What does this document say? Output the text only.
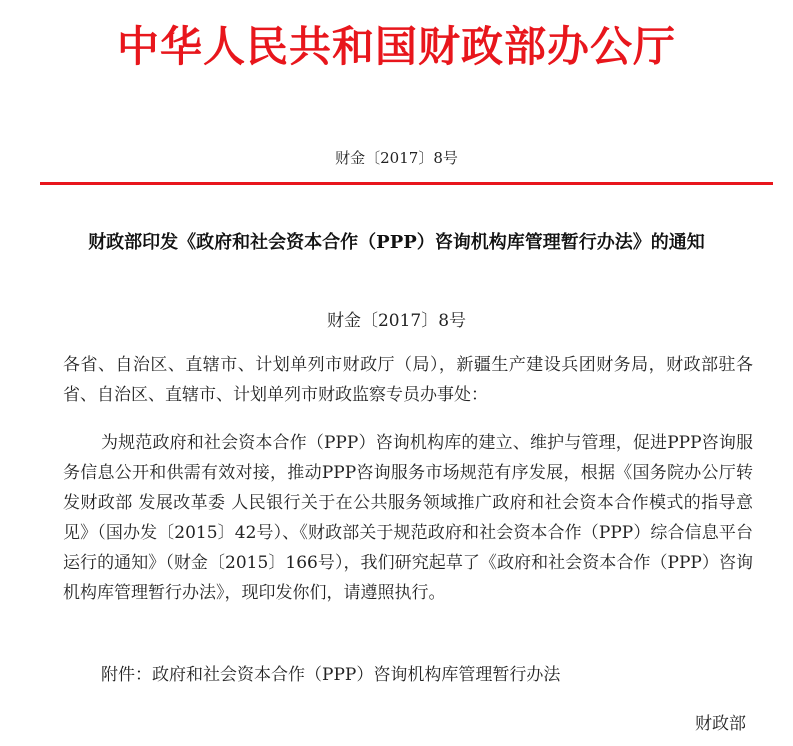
中华人民共和国财政部办公厅
财金〔2017〕8号
财政部印发《政府和社会资本合作（PPP）咨询机构库管理暂行办法》的通知
财金〔2017〕8号

各省、自治区、直辖市、计划单列市财政厅（局），新疆生产建设兵团财务局，财政部驻各省、自治区、直辖市、计划单列市财政监察专员办事处：

为规范政府和社会资本合作（PPP）咨询机构库的建立、维护与管理，促进PPP咨询服务信息公开和供需有效对接，推动PPP咨询服务市场规范有序发展，根据《国务院办公厅转发财政部 发展改革委 人民银行关于在公共服务领域推广政府和社会资本合作模式的指导意见》（国办发〔2015〕42号）、《财政部关于规范政府和社会资本合作（PPP）综合信息平台运行的通知》（财金〔2015〕166号），我们研究起草了《政府和社会资本合作（PPP）咨询机构库管理暂行办法》，现印发你们，请遵照执行。

附件：政府和社会资本合作（PPP）咨询机构库管理暂行办法

财政部
